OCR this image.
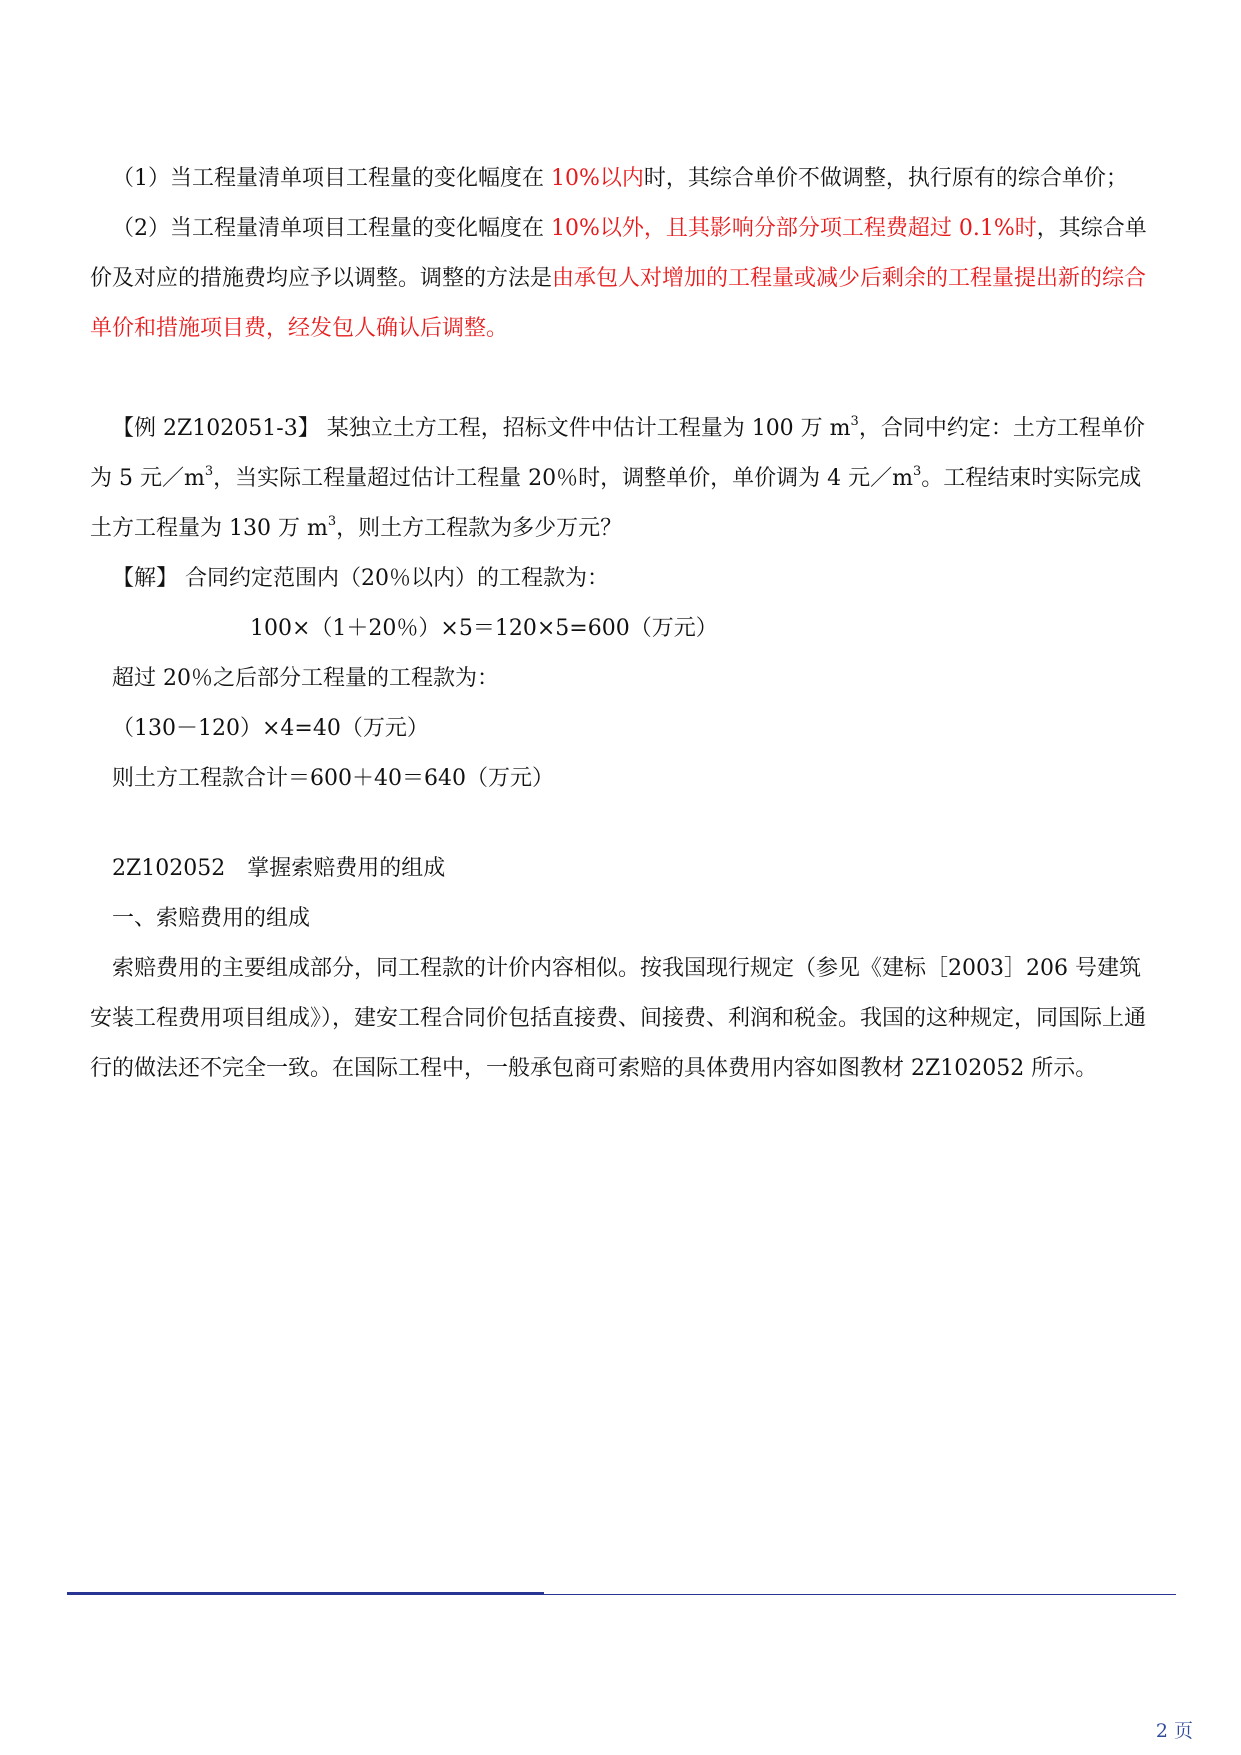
（1）当工程量清单项目工程量的变化幅度在 10%以内时，其综合单价不做调整，执行原有的综合单价；

（2）当工程量清单项目工程量的变化幅度在 10%以外，且其影响分部分项工程费超过 0.1%时，其综合单价及对应的措施费均应予以调整。调整的方法是由承包人对增加的工程量或减少后剩余的工程量提出新的综合单价和措施项目费，经发包人确认后调整。

【例 2Z102051-3】 某独立土方工程，招标文件中估计工程量为 100 万 $m^3$，合同中约定：土方工程单价为 5 元$/m^3$，当实际工程量超过估计工程量 20％时，调整单价，单价调为 4 元$/m^3$。工程结束时实际完成土方工程量为 130 万 $m^3$，则土方工程款为多少万元？

【解】 合同约定范围内（20％以内）的工程款为：

100×（1＋20％）×5＝120×5=600（万元）

超过 20％之后部分工程量的工程款为：

（130－120）×4=40（万元）

则土方工程款合计＝600＋40＝640（万元）

2Z102052　掌握索赔费用的组成

一、索赔费用的组成

索赔费用的主要组成部分，同工程款的计价内容相似。按我国现行规定（参见《建标［2003］206 号建筑安装工程费用项目组成》），建安工程合同价包括直接费、间接费、利润和税金。我国的这种规定，同国际上通行的做法还不完全一致。在国际工程中，一般承包商可索赔的具体费用内容如图教材 2Z102052 所示。

2 页
